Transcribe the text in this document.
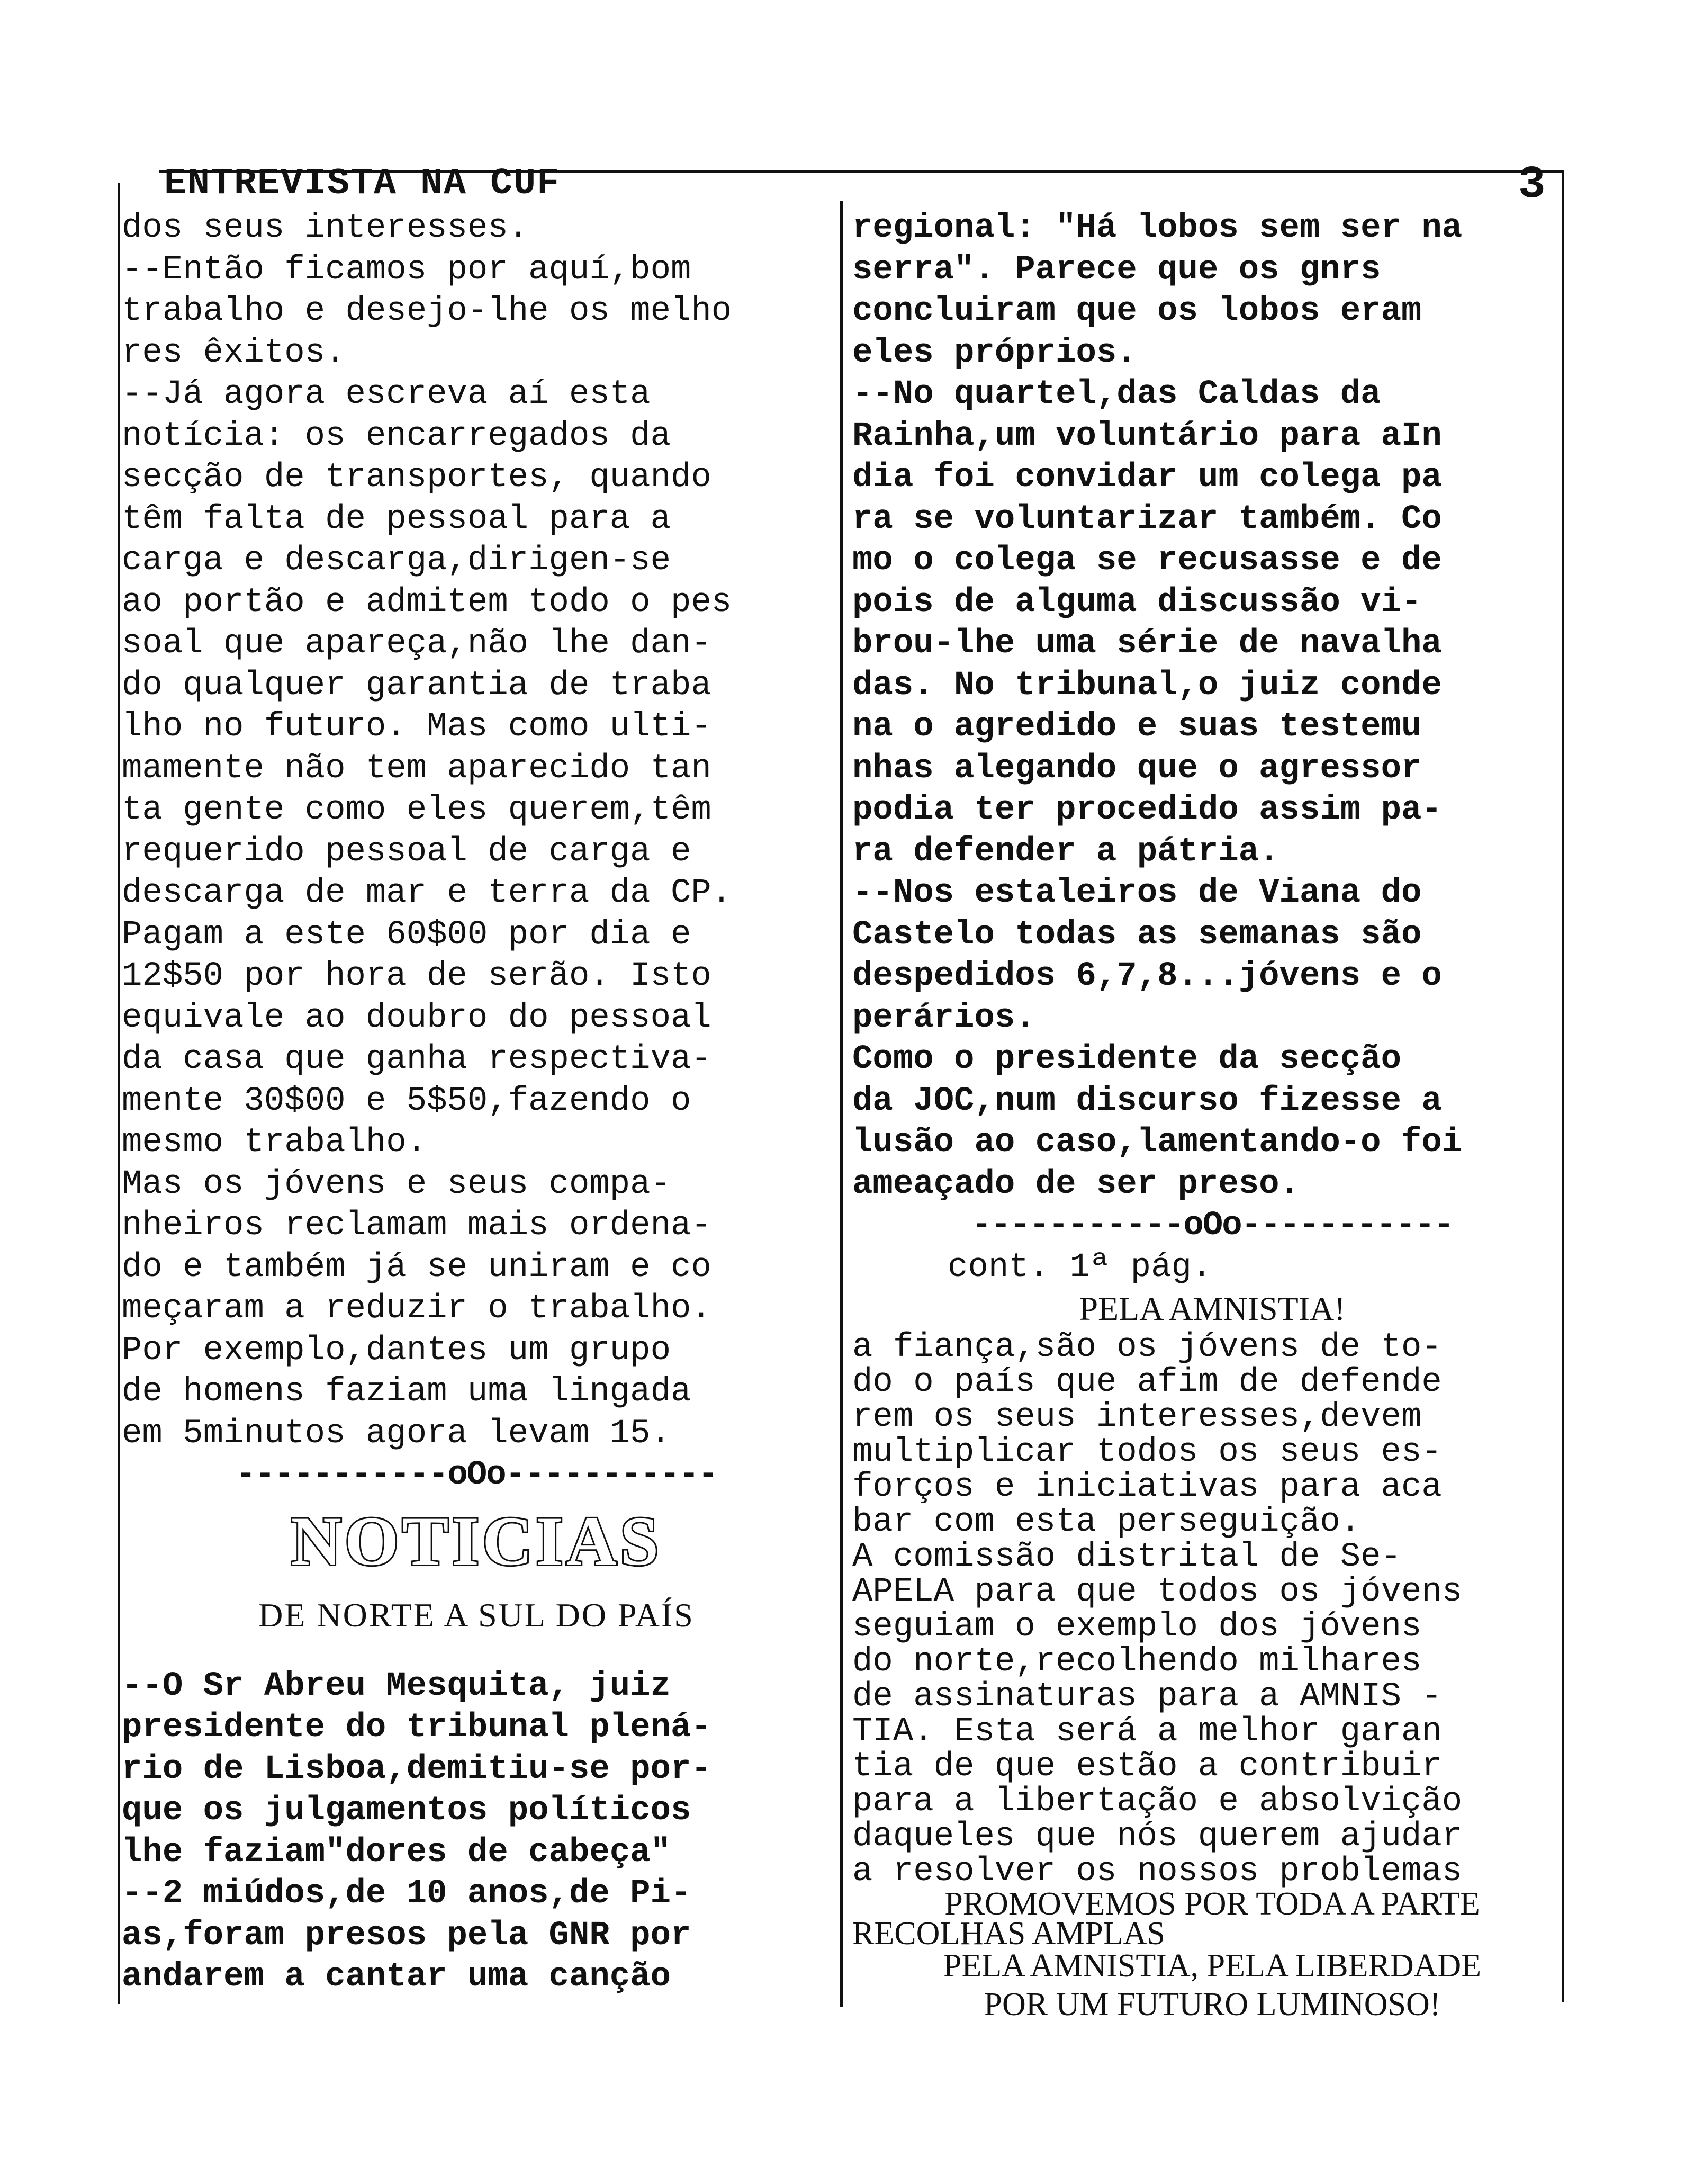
ENTREVISTA NA CUF	3
dos seus interesses.
--Então ficamos por aquí,bom
trabalho e desejo-lhe os melho
res êxitos.
--Já agora escreva aí esta
notícia: os encarregados da
secção de transportes, quando
têm falta de pessoal para a
carga e descarga,dirigen-se
ao portão e admitem todo o pes
soal que apareça,não lhe dan-
do qualquer garantia de traba
lho no futuro. Mas como ulti-
mamente não tem aparecido tan
ta gente como eles querem,têm
requerido pessoal de carga e
descarga de mar e terra da CP.
Pagam a este 60$00 por dia e
12$50 por hora de serão. Isto
equivale ao doubro do pessoal
da casa que ganha respectiva-
mente 30$00 e 5$50,fazendo o
mesmo trabalho.
Mas os jóvens e seus compa-
nheiros reclamam mais ordena-
do e também já se uniram e co
meçaram a reduzir o trabalho.
Por exemplo,dantes um grupo
de homens faziam uma lingada
em 5minutos agora levam 15.
-----------oOo-----------
NOTICIAS
DE NORTE A SUL DO PAÍS
--O Sr Abreu Mesquita, juiz
presidente do tribunal plená-
rio de Lisboa,demitiu-se por-
que os julgamentos políticos
lhe faziam"dores de cabeça"
--2 miúdos,de 10 anos,de Pi-
as,foram presos pela GNR por
andarem a cantar uma canção
regional: "Há lobos sem ser na
serra". Parece que os gnrs
concluiram que os lobos eram
eles próprios.
--No quartel,das Caldas da
Rainha,um voluntário para aIn
dia foi convidar um colega pa
ra se voluntarizar também. Co
mo o colega se recusasse e de
pois de alguma discussão vi-
brou-lhe uma série de navalha
das. No tribunal,o juiz conde
na o agredido e suas testemu
nhas alegando que o agressor
podia ter procedido assim pa-
ra defender a pátria.
--Nos estaleiros de Viana do
Castelo todas as semanas são
despedidos 6,7,8...jóvens e o
perários.
Como o presidente da secção
da JOC,num discurso fizesse a
lusão ao caso,lamentando-o foi
ameaçado de ser preso.
-----------oOo-----------
cont. 1ª pág.
PELA AMNISTIA!
a fiança,são os jóvens de to-
do o país que afim de defende
rem os seus interesses,devem
multiplicar todos os seus es-
forços e iniciativas para aca
bar com esta perseguição.
A comissão distrital de Se-
APELA para que todos os jóvens
seguiam o exemplo dos jóvens
do norte,recolhendo milhares
de assinaturas para a AMNIS -
TIA. Esta será a melhor garan
tia de que estão a contribuir
para a libertação e absolvição
daqueles que nós querem ajudar
a resolver os nossos problemas
PROMOVEMOS POR TODA A PARTE
RECOLHAS AMPLAS
PELA AMNISTIA, PELA LIBERDADE
POR UM FUTURO LUMINOSO!
